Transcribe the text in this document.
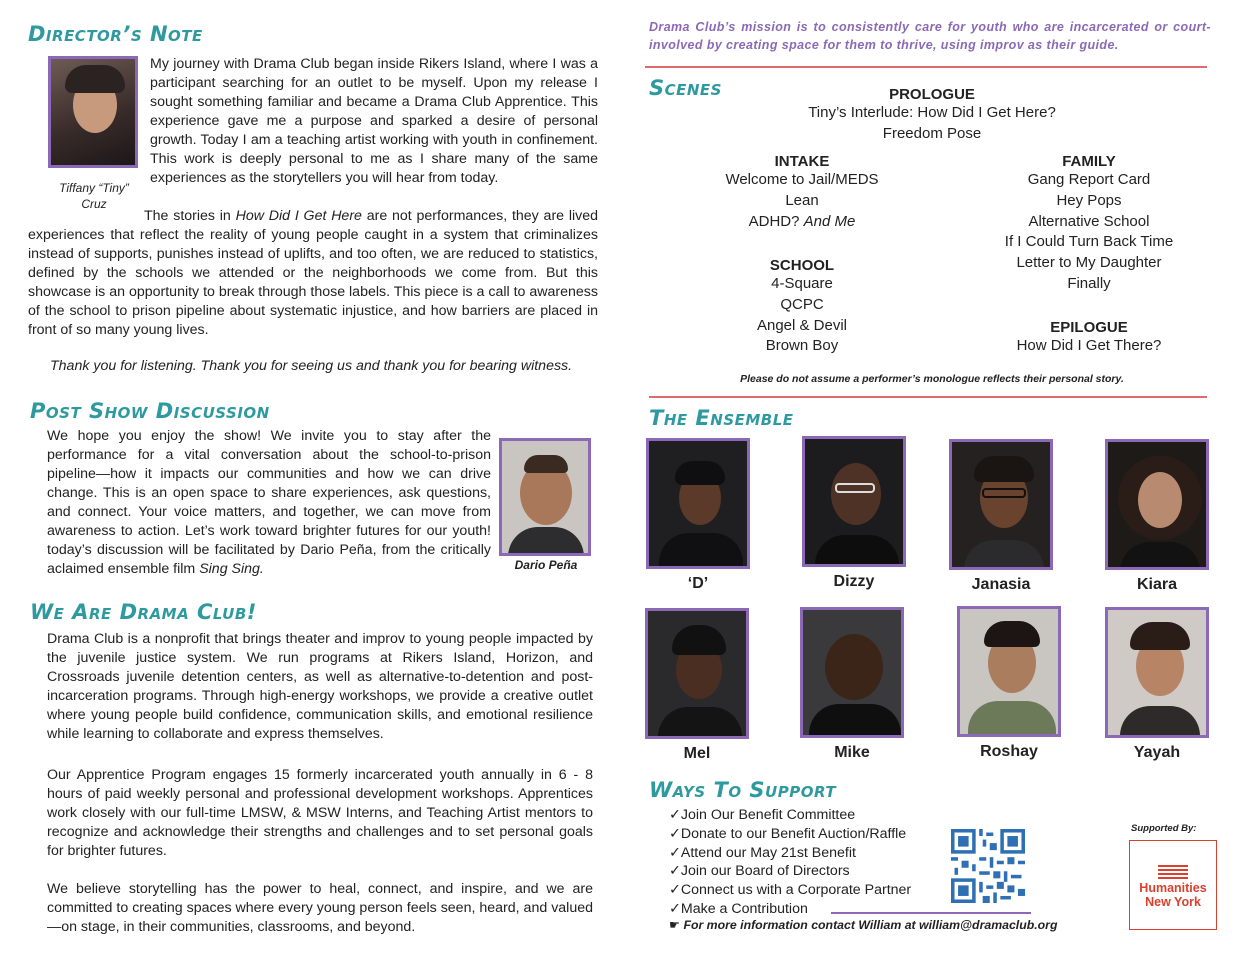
Director’s Note
Tiffany “Tiny” Cruz

My journey with Drama Club began inside Rikers Island, where I was a participant searching for an outlet to be myself. Upon my release I sought something familiar and became a Drama Club Apprentice. This experience gave me a purpose and sparked a desire of personal growth. Today I am a teaching artist working with youth in confinement. This work is deeply personal to me as I share many of the same experiences as the storytellers you will hear from today.

The stories in How Did I Get Here are not performances, they are lived experiences that reflect the reality of young people caught in a system that criminalizes instead of supports, punishes instead of uplifts, and too often, we are reduced to statistics, defined by the schools we attended or the neighborhoods we come from. But this showcase is an opportunity to break through those labels. This piece is a call to awareness of the school to prison pipeline about systematic injustice, and how barriers are placed in front of so many young lives.

Thank you for listening. Thank you for seeing us and thank you for bearing witness.

Post Show Discussion

We hope you enjoy the show! We invite you to stay after the performance for a vital conversation about the school-to-prison pipeline—how it impacts our communities and how we can drive change. This is an open space to share experiences, ask questions, and connect. Your voice matters, and together, we can move from awareness to action. Let’s work toward brighter futures for our youth! today’s discussion will be facilitated by Dario Peña, from the critically aclaimed ensemble film Sing Sing.	Dario Peña
We Are Drama Club!

Drama Club is a nonprofit that brings theater and improv to young people impacted by the juvenile justice system. We run programs at Rikers Island, Horizon, and Crossroads juvenile detention centers, as well as alternative-to-detention and post-incarceration programs. Through high-energy workshops, we provide a creative outlet where young people build confidence, communication skills, and emotional resilience while learning to collaborate and express themselves.

Our Apprentice Program engages 15 formerly incarcerated youth annually in 6 - 8 hours of paid weekly personal and professional development workshops. Apprentices work closely with our full-time LMSW, & MSW Interns, and Teaching Artist mentors to recognize and acknowledge their strengths and challenges and to set personal goals for brighter futures.

We believe storytelling has the power to heal, connect, and inspire, and we are committed to creating spaces where every young person feels seen, heard, and valued—on stage, in their communities, classrooms, and beyond.

Drama Club’s mission is to consistently care for youth who are incarcerated or court-involved by creating space for them to thrive, using improv as their guide.
Scenes	PROLOGUE
Tiny’s Interlude: How Did I Get Here?
Freedom Pose
INTAKE
Welcome to Jail/MEDS
Lean
ADHD? And Me
SCHOOL
4-Square
QCPC
Angel & Devil
Brown Boy
FAMILY
Gang Report Card
Hey Pops
Alternative School
If I Could Turn Back Time
Letter to My Daughter
Finally
EPILOGUE
How Did I Get There?
Please do not assume a performer’s monologue reflects their personal story.
The Ensemble
‘D’	Dizzy	Janasia	Kiara
Mel	Mike	Roshay	Yayah
Ways To Support
✓Join Our Benefit Committee
✓Donate to our Benefit Auction/Raffle
✓Attend our May 21st Benefit
✓Join our Board of Directors
✓Connect us with a Corporate Partner
✓Make a Contribution
☛ For more information contact William at william@dramaclub.org
Supported By:
Humanities
New York
